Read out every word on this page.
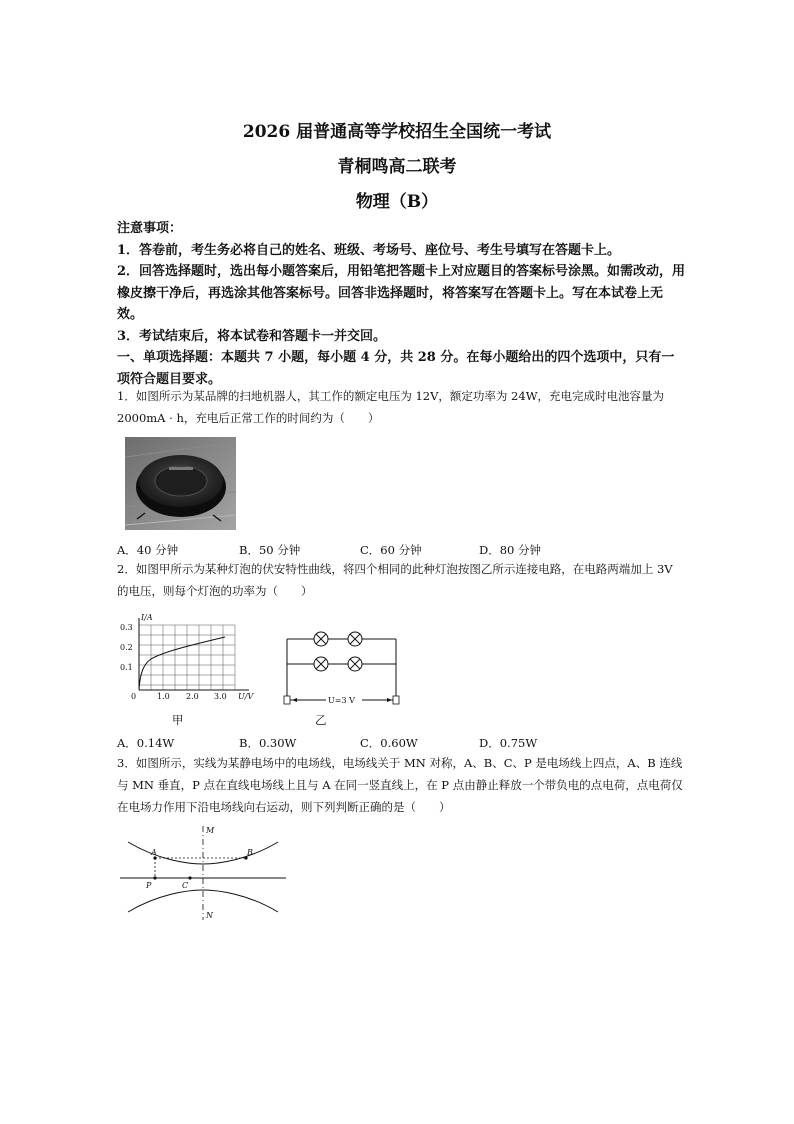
2026 届普通高等学校招生全国统一考试
青桐鸣高二联考
物理（B）

注意事项：

1．答卷前，考生务必将自己的姓名、班级、考场号、座位号、考生号填写在答题卡上。

2．回答选择题时，选出每小题答案后，用铅笔把答题卡上对应题目的答案标号涂黑。如需改动，用橡皮擦干净后，再选涂其他答案标号。回答非选择题时，将答案写在答题卡上。写在本试卷上无效。

3．考试结束后，将本试卷和答题卡一并交回。

一、单项选择题：本题共 7 小题，每小题 4 分，共 28 分。在每小题给出的四个选项中，只有一项符合题目要求。

1．如图所示为某品牌的扫地机器人，其工作的额定电压为 12V，额定功率为 24W，充电完成时电池容量为 2000mA · h，充电后正常工作的时间约为（　　）

A．40 分钟	B．50 分钟	C．60 分钟	D．80 分钟

2．如图甲所示为某种灯泡的伏安特性曲线，将四个相同的此种灯泡按图乙所示连接电路，在电路两端加上 3V 的电压，则每个灯泡的功率为（　　）

I/A
0.3
0.2
0.1
0	1.0 2.0 3.0 U/V
甲
U=3 V
乙
A．0.14W	B．0.30W	C．0.60W	D．0.75W

3．如图所示，实线为某静电场中的电场线，电场线关于 MN 对称，A、B、C、P 是电场线上四点，A、B 连线与 MN 垂直，P 点在直线电场线上且与 A 在同一竖直线上，在 P 点由静止释放一个带负电的点电荷，点电荷仅在电场力作用下沿电场线向右运动，则下列判断正确的是（　　）

M
N
A	B
P	C
